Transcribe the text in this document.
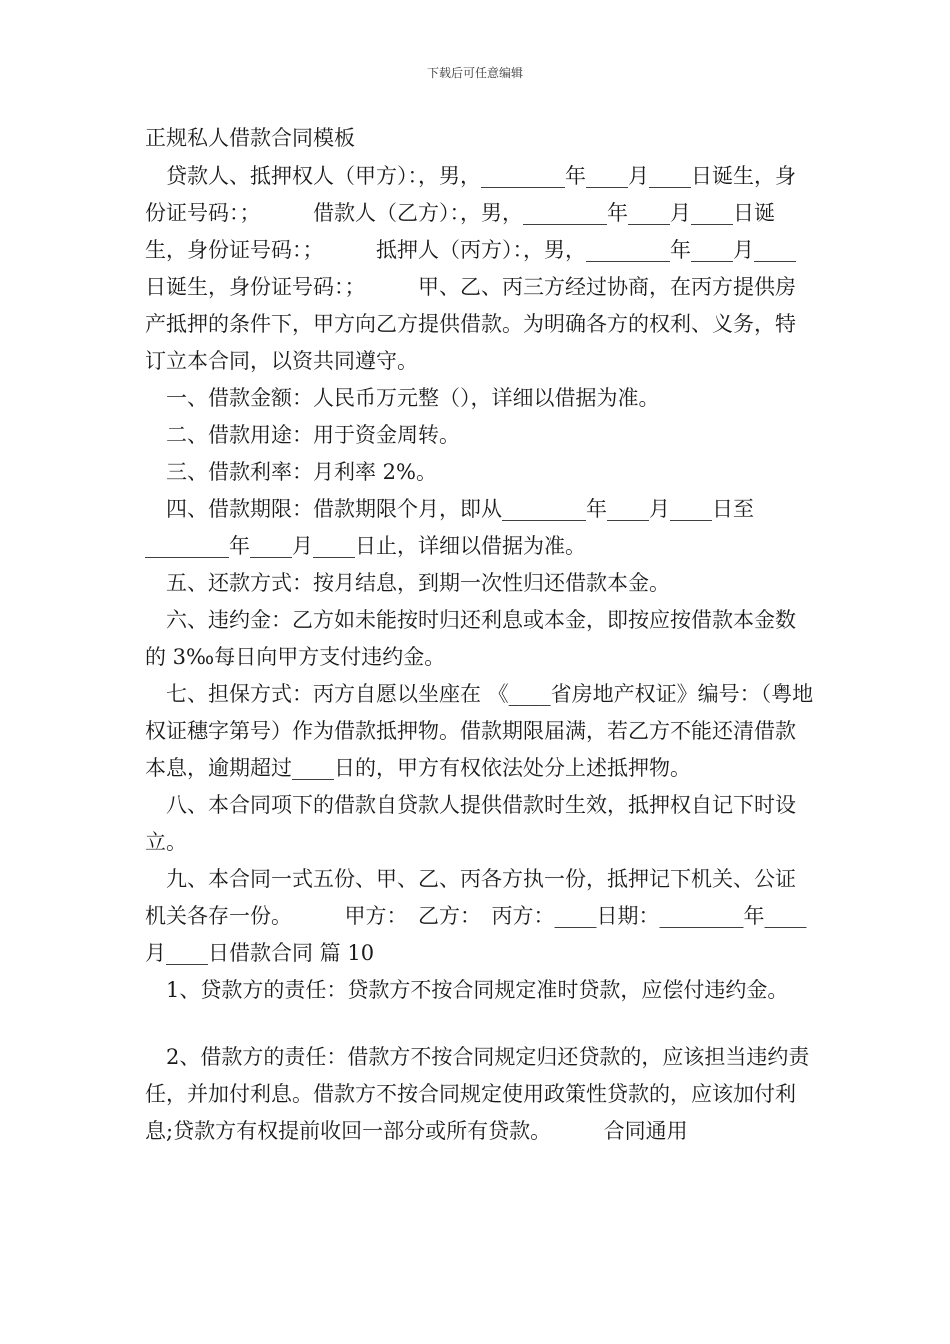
下载后可任意编辑
正规私人借款合同模板

贷款人、抵押权人（甲方）：，男，________年____月____日诞生，身份证号码：；　　　借款人（乙方）：，男，________年____月____日诞生，身份证号码：；　　　抵押人（丙方）：，男，________年____月____日诞生，身份证号码：；　　　甲、乙、丙三方经过协商，在丙方提供房产抵押的条件下，甲方向乙方提供借款。为明确各方的权利、义务，特订立本合同，以资共同遵守。

一、借款金额：人民币万元整（），详细以借据为准。

二、借款用途：用于资金周转。

三、借款利率：月利率 2%。

四、借款期限：借款期限个月，即从________年____月____日至________年____月____日止，详细以借据为准。

五、还款方式：按月结息，到期一次性归还借款本金。

六、违约金：乙方如未能按时归还利息或本金，即按应按借款本金数的 3‰每日向甲方支付违约金。

七、担保方式：丙方自愿以坐座在 《____省房地产权证》编号：（粤地权证穗字第号）作为借款抵押物。借款期限届满，若乙方不能还清借款本息，逾期超过____日的，甲方有权依法处分上述抵押物。

八、本合同项下的借款自贷款人提供借款时生效，抵押权自记下时设立。

九、本合同一式五份、甲、乙、丙各方执一份，抵押记下机关、公证机关各存一份。　　　甲方：　乙方：　丙方：____日期：________年____月____日借款合同 篇 10

1、贷款方的责任：贷款方不按合同规定准时贷款，应偿付违约金。

2、借款方的责任：借款方不按合同规定归还贷款的，应该担当违约责任，并加付利息。借款方不按合同规定使用政策性贷款的，应该加付利息;贷款方有权提前收回一部分或所有贷款。　　　合同通用
